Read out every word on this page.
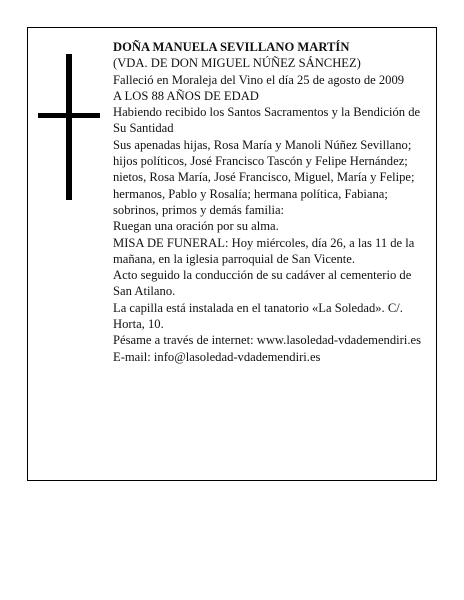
DOÑA MANUELA SEVILLANO MARTÍN

(VDA. DE DON MIGUEL NÚÑEZ SÁNCHEZ)

Falleció en Moraleja del Vino el día 25 de agosto de 2009

A LOS 88 AÑOS DE EDAD

Habiendo recibido los Santos Sacramentos y la Bendición de Su Santidad

Sus apenadas hijas, Rosa María y Manoli Núñez Sevillano; hijos políticos, José Francisco Tascón y Felipe Hernández; nietos, Rosa María, José Francisco, Miguel, María y Felipe; hermanos, Pablo y Rosalía; hermana política, Fabiana; sobrinos, primos y demás familia:

Ruegan una oración por su alma.

MISA DE FUNERAL: Hoy miércoles, día 26, a las 11 de la mañana, en la iglesia parroquial de San Vicente.

Acto seguido la conducción de su cadáver al cementerio de San Atilano.

La capilla está instalada en el tanatorio «La Soledad». C/. Horta, 10.

Pésame a través de internet: www.lasoledad-vdademendiri.es

E-mail: info@lasoledad-vdademendiri.es
